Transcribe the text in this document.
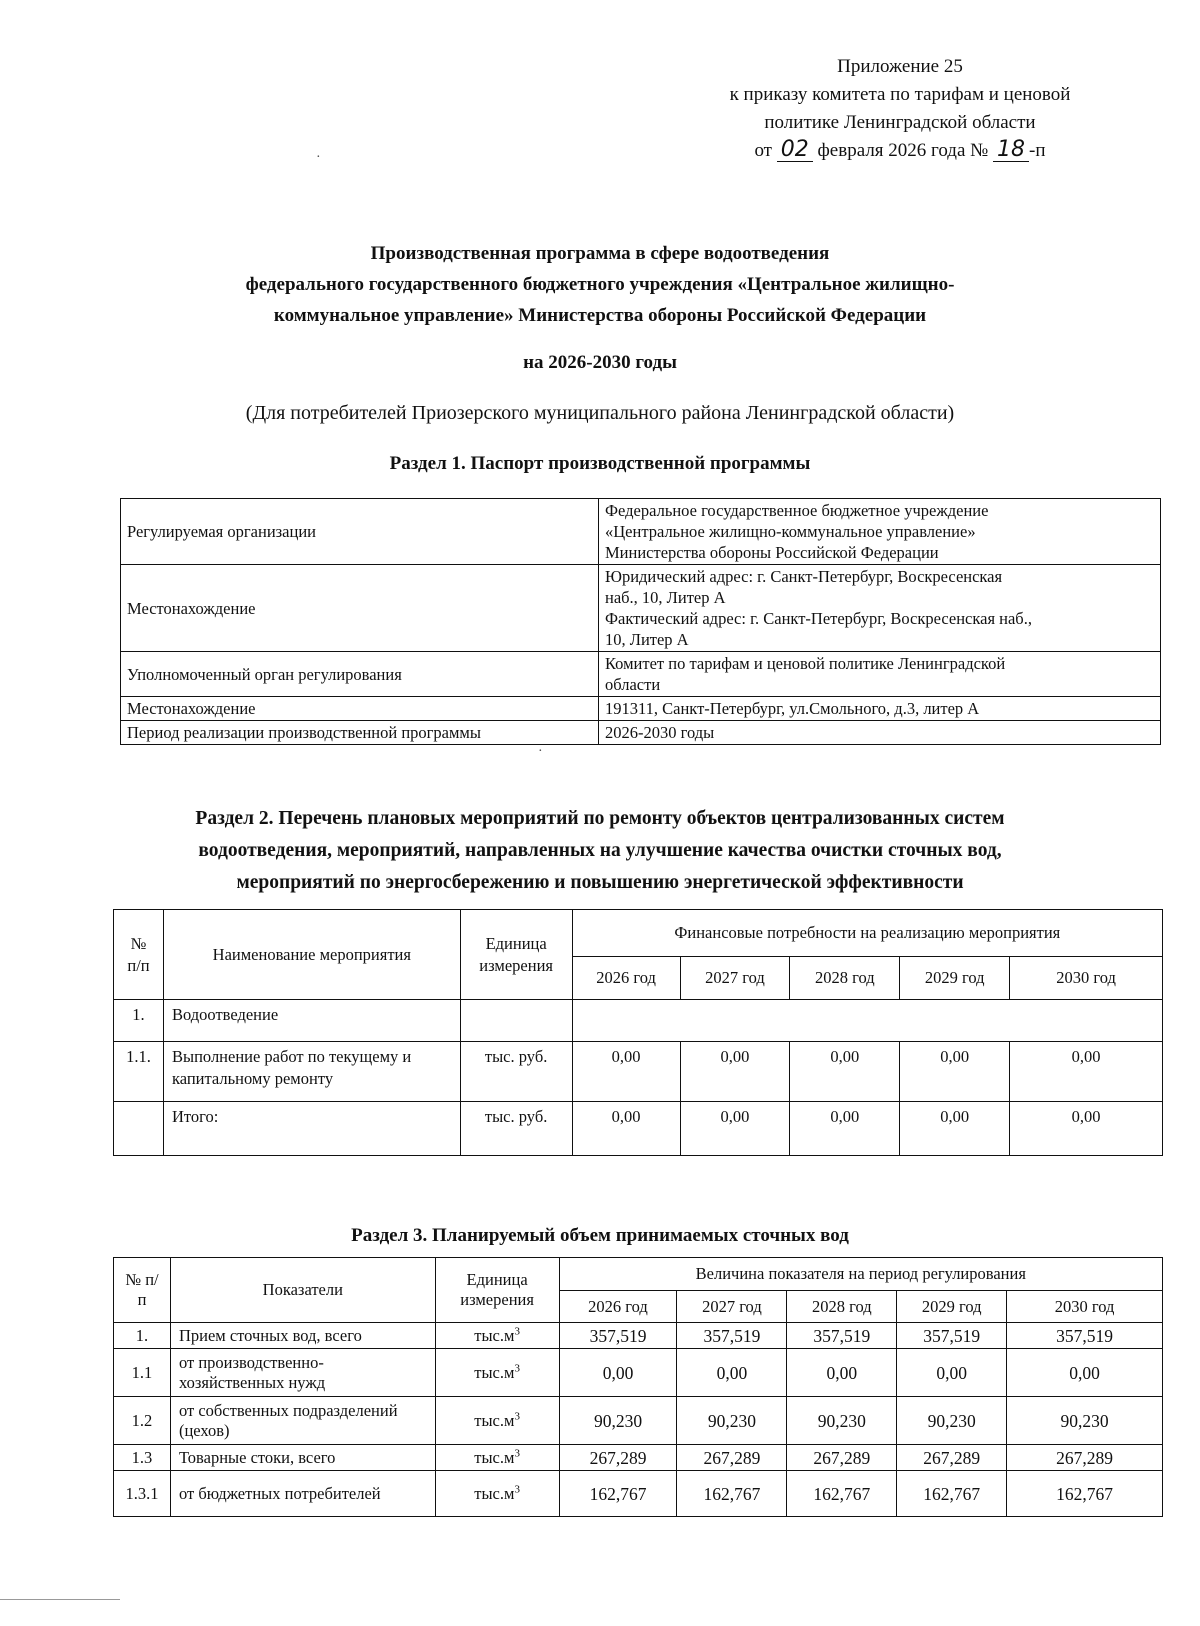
Приложение 25
к приказу комитета по тарифам и ценовой
политике Ленинградской области
от 02 февраля 2026 года № 18 -п
Производственная программа в сфере водоотведения
федерального государственного бюджетного учреждения «Центральное жилищно-
коммунальное управление» Министерства обороны Российской Федерации
на 2026-2030 годы
(Для потребителей Приозерского муниципального района Ленинградской области)
Раздел 1. Паспорт производственной программы
Регулируемая организации	Федеральное государственное бюджетное учреждение
«Центральное жилищно-коммунальное управление»
Министерства обороны Российской Федерации

Местонахождение	Юридический адрес: г. Санкт-Петербург, Воскресенская
наб., 10, Литер А
Фактический адрес: г. Санкт-Петербург, Воскресенская наб.,
10, Литер А

Уполномоченный орган регулирования	Комитет по тарифам и ценовой политике Ленинградской
области

Местонахождение	191311, Санкт-Петербург, ул.Смольного, д.3, литер А

Период реализации производственной программы	2026-2030 годы
Раздел 2. Перечень плановых мероприятий по ремонту объектов централизованных систем
водоотведения, мероприятий, направленных на улучшение качества очистки сточных вод,
мероприятий по энергосбережению и повышению энергетической эффективности
№ п/п	Наименование мероприятия	Единица измерения	Финансовые потребности на реализацию мероприятия				
			2026 год	2027 год	2028 год	2029 год	2030 год
1.	Водоотведение						
1.1.	Выполнение работ по текущему и капитальному ремонту	тыс. руб.	0,00	0,00	0,00	0,00	0,00
	Итого:	тыс. руб.	0,00	0,00	0,00	0,00	0,00
Раздел 3. Планируемый объем принимаемых сточных вод
№ п/п	Показатели	Единица измерения	Величина показателя на период регулирования				
			2026 год	2027 год	2028 год	2029 год	2030 год
1.	Прием сточных вод, всего	$тыс.м^3$	357,519	357,519	357,519	357,519	357,519
1.1	от производственно-хозяйственных нужд	$тыс.м^3$	0,00	0,00	0,00	0,00	0,00
1.2	от собственных подразделений (цехов)	$тыс.м^3$	90,230	90,230	90,230	90,230	90,230
1.3	Товарные стоки, всего	$тыс.м^3$	267,289	267,289	267,289	267,289	267,289
1.3.1	от бюджетных потребителей	$тыс.м^3$	162,767	162,767	162,767	162,767	162,767
·
·
